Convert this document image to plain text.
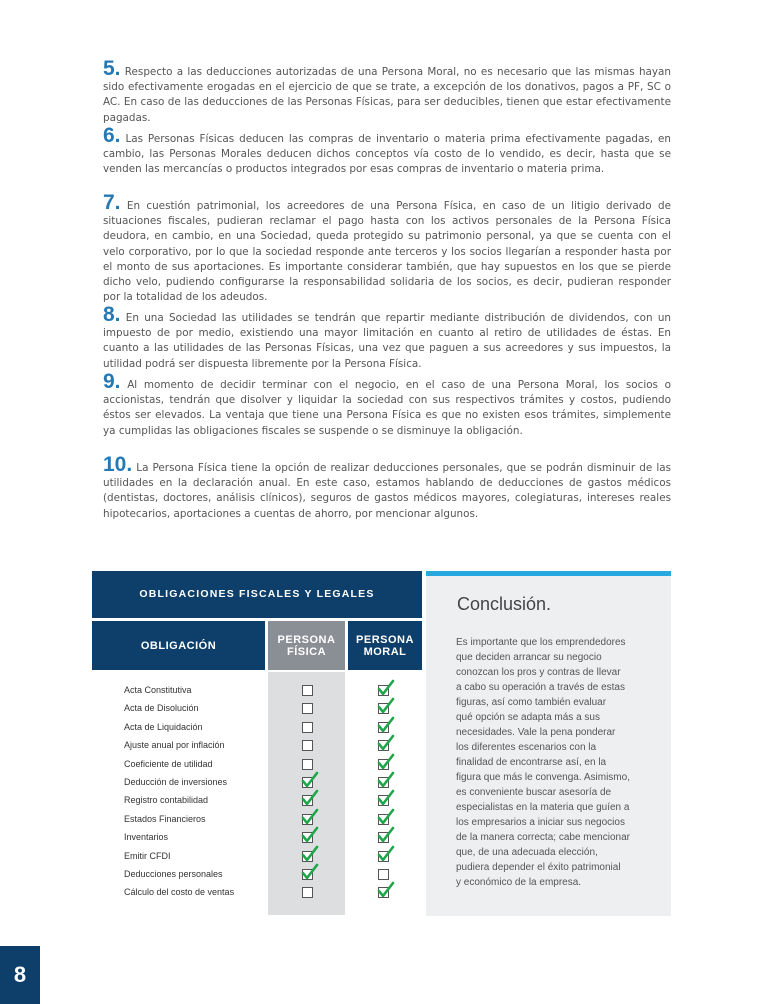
5. Respecto a las deducciones autorizadas de una Persona Moral, no es necesario que las mismas hayan sido efectivamente erogadas en el ejercicio de que se trate, a excepción de los donativos, pagos a PF, SC o AC. En caso de las deducciones de las Personas Físicas, para ser deducibles, tienen que estar efectivamente pagadas.
6. Las Personas Físicas deducen las compras de inventario o materia prima efectivamente pagadas, en cambio, las Personas Morales deducen dichos conceptos vía costo de lo vendido, es decir, hasta que se venden las mercancías o productos integrados por esas compras de inventario o materia prima.
7. En cuestión patrimonial, los acreedores de una Persona Física, en caso de un litigio derivado de situaciones fiscales, pudieran reclamar el pago hasta con los activos personales de la Persona Física deudora, en cambio, en una Sociedad, queda protegido su patrimonio personal, ya que se cuenta con el velo corporativo, por lo que la sociedad responde ante terceros y los socios llegarían a responder hasta por el monto de sus aportaciones. Es importante considerar también, que hay supuestos en los que se pierde dicho velo, pudiendo configurarse la responsabilidad solidaria de los socios, es decir, pudieran responder por la totalidad de los adeudos.
8. En una Sociedad las utilidades se tendrán que repartir mediante distribución de dividendos, con un impuesto de por medio, existiendo una mayor limitación en cuanto al retiro de utilidades de éstas. En cuanto a las utilidades de las Personas Físicas, una vez que paguen a sus acreedores y sus impuestos, la utilidad podrá ser dispuesta libremente por la Persona Física.
9. Al momento de decidir terminar con el negocio, en el caso de una Persona Moral, los socios o accionistas, tendrán que disolver y liquidar la sociedad con sus respectivos trámites y costos, pudiendo éstos ser elevados. La ventaja que tiene una Persona Física es que no existen esos trámites, simplemente ya cumplidas las obligaciones fiscales se suspende o se disminuye la obligación.
10. La Persona Física tiene la opción de realizar deducciones personales, que se podrán disminuir de las utilidades en la declaración anual. En este caso, estamos hablando de deducciones de gastos médicos (dentistas, doctores, análisis clínicos), seguros de gastos médicos mayores, colegiaturas, intereses reales hipotecarios, aportaciones a cuentas de ahorro, por mencionar algunos.
OBLIGACIONES FISCALES Y LEGALES
OBLIGACIÓN	PERSONA
FÍSICA
PERSONA
MORAL
Acta Constitutiva
Acta de Disolución
Acta de Liquidación
Ajuste anual por inflación
Coeficiente de utilidad
Deducción de inversiones
Registro contabilidad
Estados Financieros
Inventarios
Emitir CFDI
Deducciones personales
Cálculo del costo de ventas
Conclusión.
Es importante que los emprendedores
que deciden arrancar su negocio
conozcan los pros y contras de llevar
a cabo su operación a través de estas
figuras, así como también evaluar
qué opción se adapta más a sus
necesidades. Vale la pena ponderar
los diferentes escenarios con la
finalidad de encontrarse así, en la
figura que más le convenga. Asimismo,
es conveniente buscar asesoría de
especialistas en la materia que guíen a
los empresarios a iniciar sus negocios
de la manera correcta; cabe mencionar
que, de una adecuada elección,
pudiera depender el éxito patrimonial
y económico de la empresa.
8
